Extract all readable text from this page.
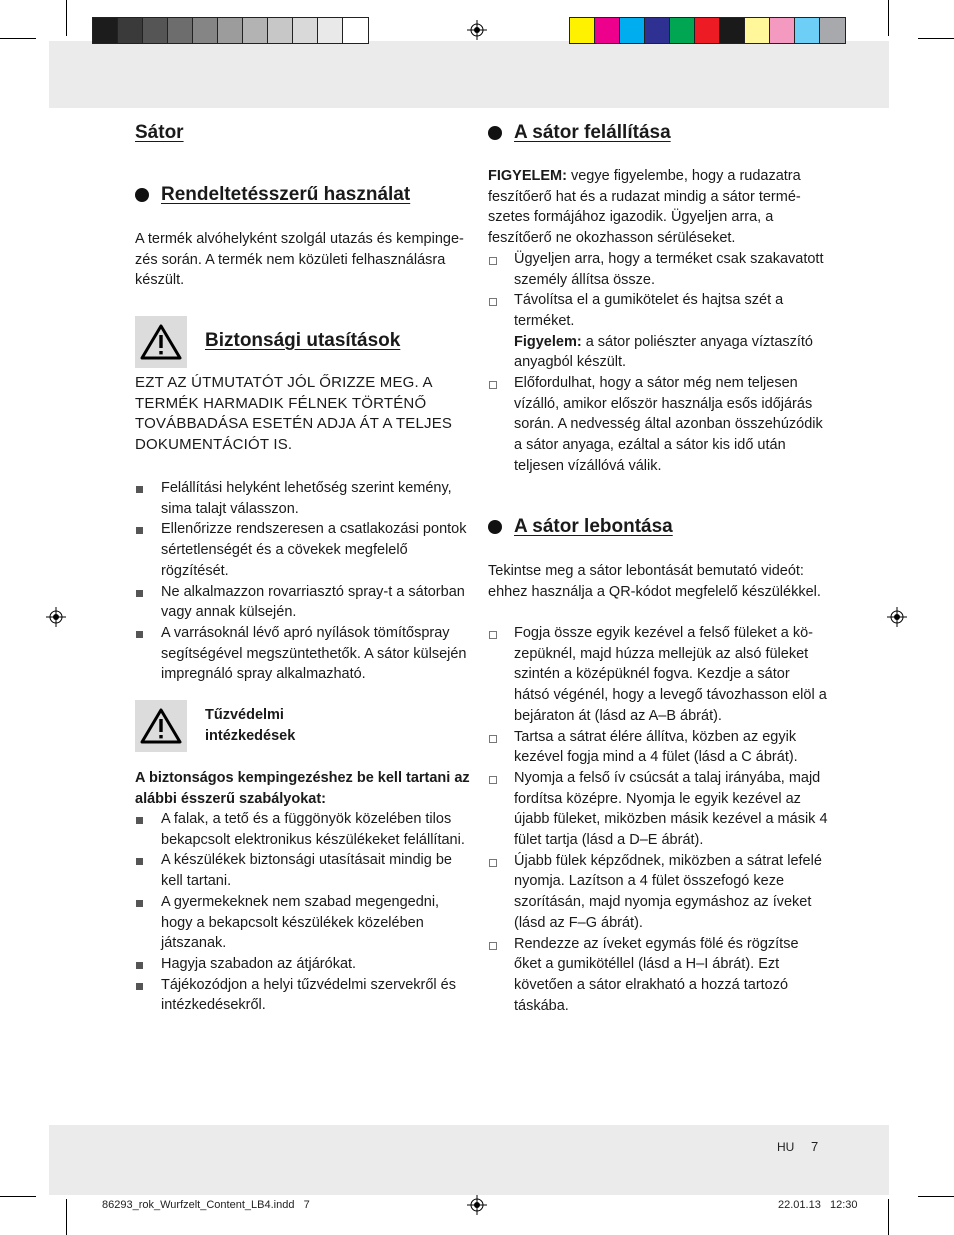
Sátor
Rendeltetésszerű használat

A termék alvóhelyként szolgál utazás és kempinge-zés során. A termék nem közületi felhasználásra készült.

Biztonsági utasítások

EZT AZ ÚTMUTATÓT JÓL ŐRIZZE MEG. A TERMÉK HARMADIK FÉLNEK TÖRTÉNŐ TOVÁBBADÁSA ESETÉN ADJA ÁT A TELJES DOKUMENTÁCIÓT IS.

Felállítási helyként lehetőség szerint kemény, sima talajt válasszon.
Ellenőrizze rendszeresen a csatlakozási pontok sértetlenségét és a cövekek megfelelő rögzítését.
Ne alkalmazzon rovarriasztó spray-t a sátorban vagy annak külsején.
A varrásoknál lévő apró nyílások tömítőspray segítségével megszüntethetők. A sátor külsején impregnáló spray alkalmazható.
Tűzvédelmi
intézkedések

A biztonságos kempingezéshez be kell tartani az alábbi ésszerű szabályokat:

A falak, a tető és a függönyök közelében tilos bekapcsolt elektronikus készülékeket felállítani.
A készülékek biztonsági utasításait mindig be kell tartani.
A gyermekeknek nem szabad megengedni, hogy a bekapcsolt készülékek közelében játszanak.
Hagyja szabadon az átjárókat.
Tájékozódjon a helyi tűzvédelmi szervekről és intézkedésekről.
A sátor felállítása

FIGYELEM: vegye figyelembe, hogy a rudazatra feszítőerő hat és a rudazat mindig a sátor termé-szetes formájához igazodik. Ügyeljen arra, a feszítőerő ne okozhasson sérüléseket.

Ügyeljen arra, hogy a terméket csak szakavatott személy állítsa össze.
Távolítsa el a gumikötelet és hajtsa szét a terméket.

Figyelem: a sátor poliészter anyaga víztaszító anyagból készült.

Előfordulhat, hogy a sátor még nem teljesen vízálló, amikor először használja esős időjárás során. A nedvesség által azonban összehúzódik a sátor anyaga, ezáltal a sátor kis idő után teljesen vízállóvá válik.
A sátor lebontása

Tekintse meg a sátor lebontását bemutató videót: ehhez használja a QR-kódot megfelelő készülékkel.

Fogja össze egyik kezével a felső füleket a kö-zepüknél, majd húzza mellejük az alsó füleket szintén a középüknél fogva. Kezdje a sátor hátsó végénél, hogy a levegő távozhasson elöl a bejáraton át (lásd az A–B ábrát).
Tartsa a sátrat élére állítva, közben az egyik kezével fogja mind a 4 fület (lásd a C ábrát).
Nyomja a felső ív csúcsát a talaj irányába, majd fordítsa középre. Nyomja le egyik kezével az újabb füleket, miközben másik kezével a másik 4 fület tartja (lásd a D–E ábrát).
Újabb fülek képződnek, miközben a sátrat lefelé nyomja. Lazítson a 4 fület összefogó keze szorításán, majd nyomja egymáshoz az íveket (lásd az F–G ábrát).
Rendezze az íveket egymás fölé és rögzítse őket a gumikötéllel (lásd a H–I ábrát). Ezt követően a sátor elrakható a hozzá tartozó táskába.
HU 7
86293_rok_Wurfzelt_Content_LB4.indd   7	22.01.13   12:30
